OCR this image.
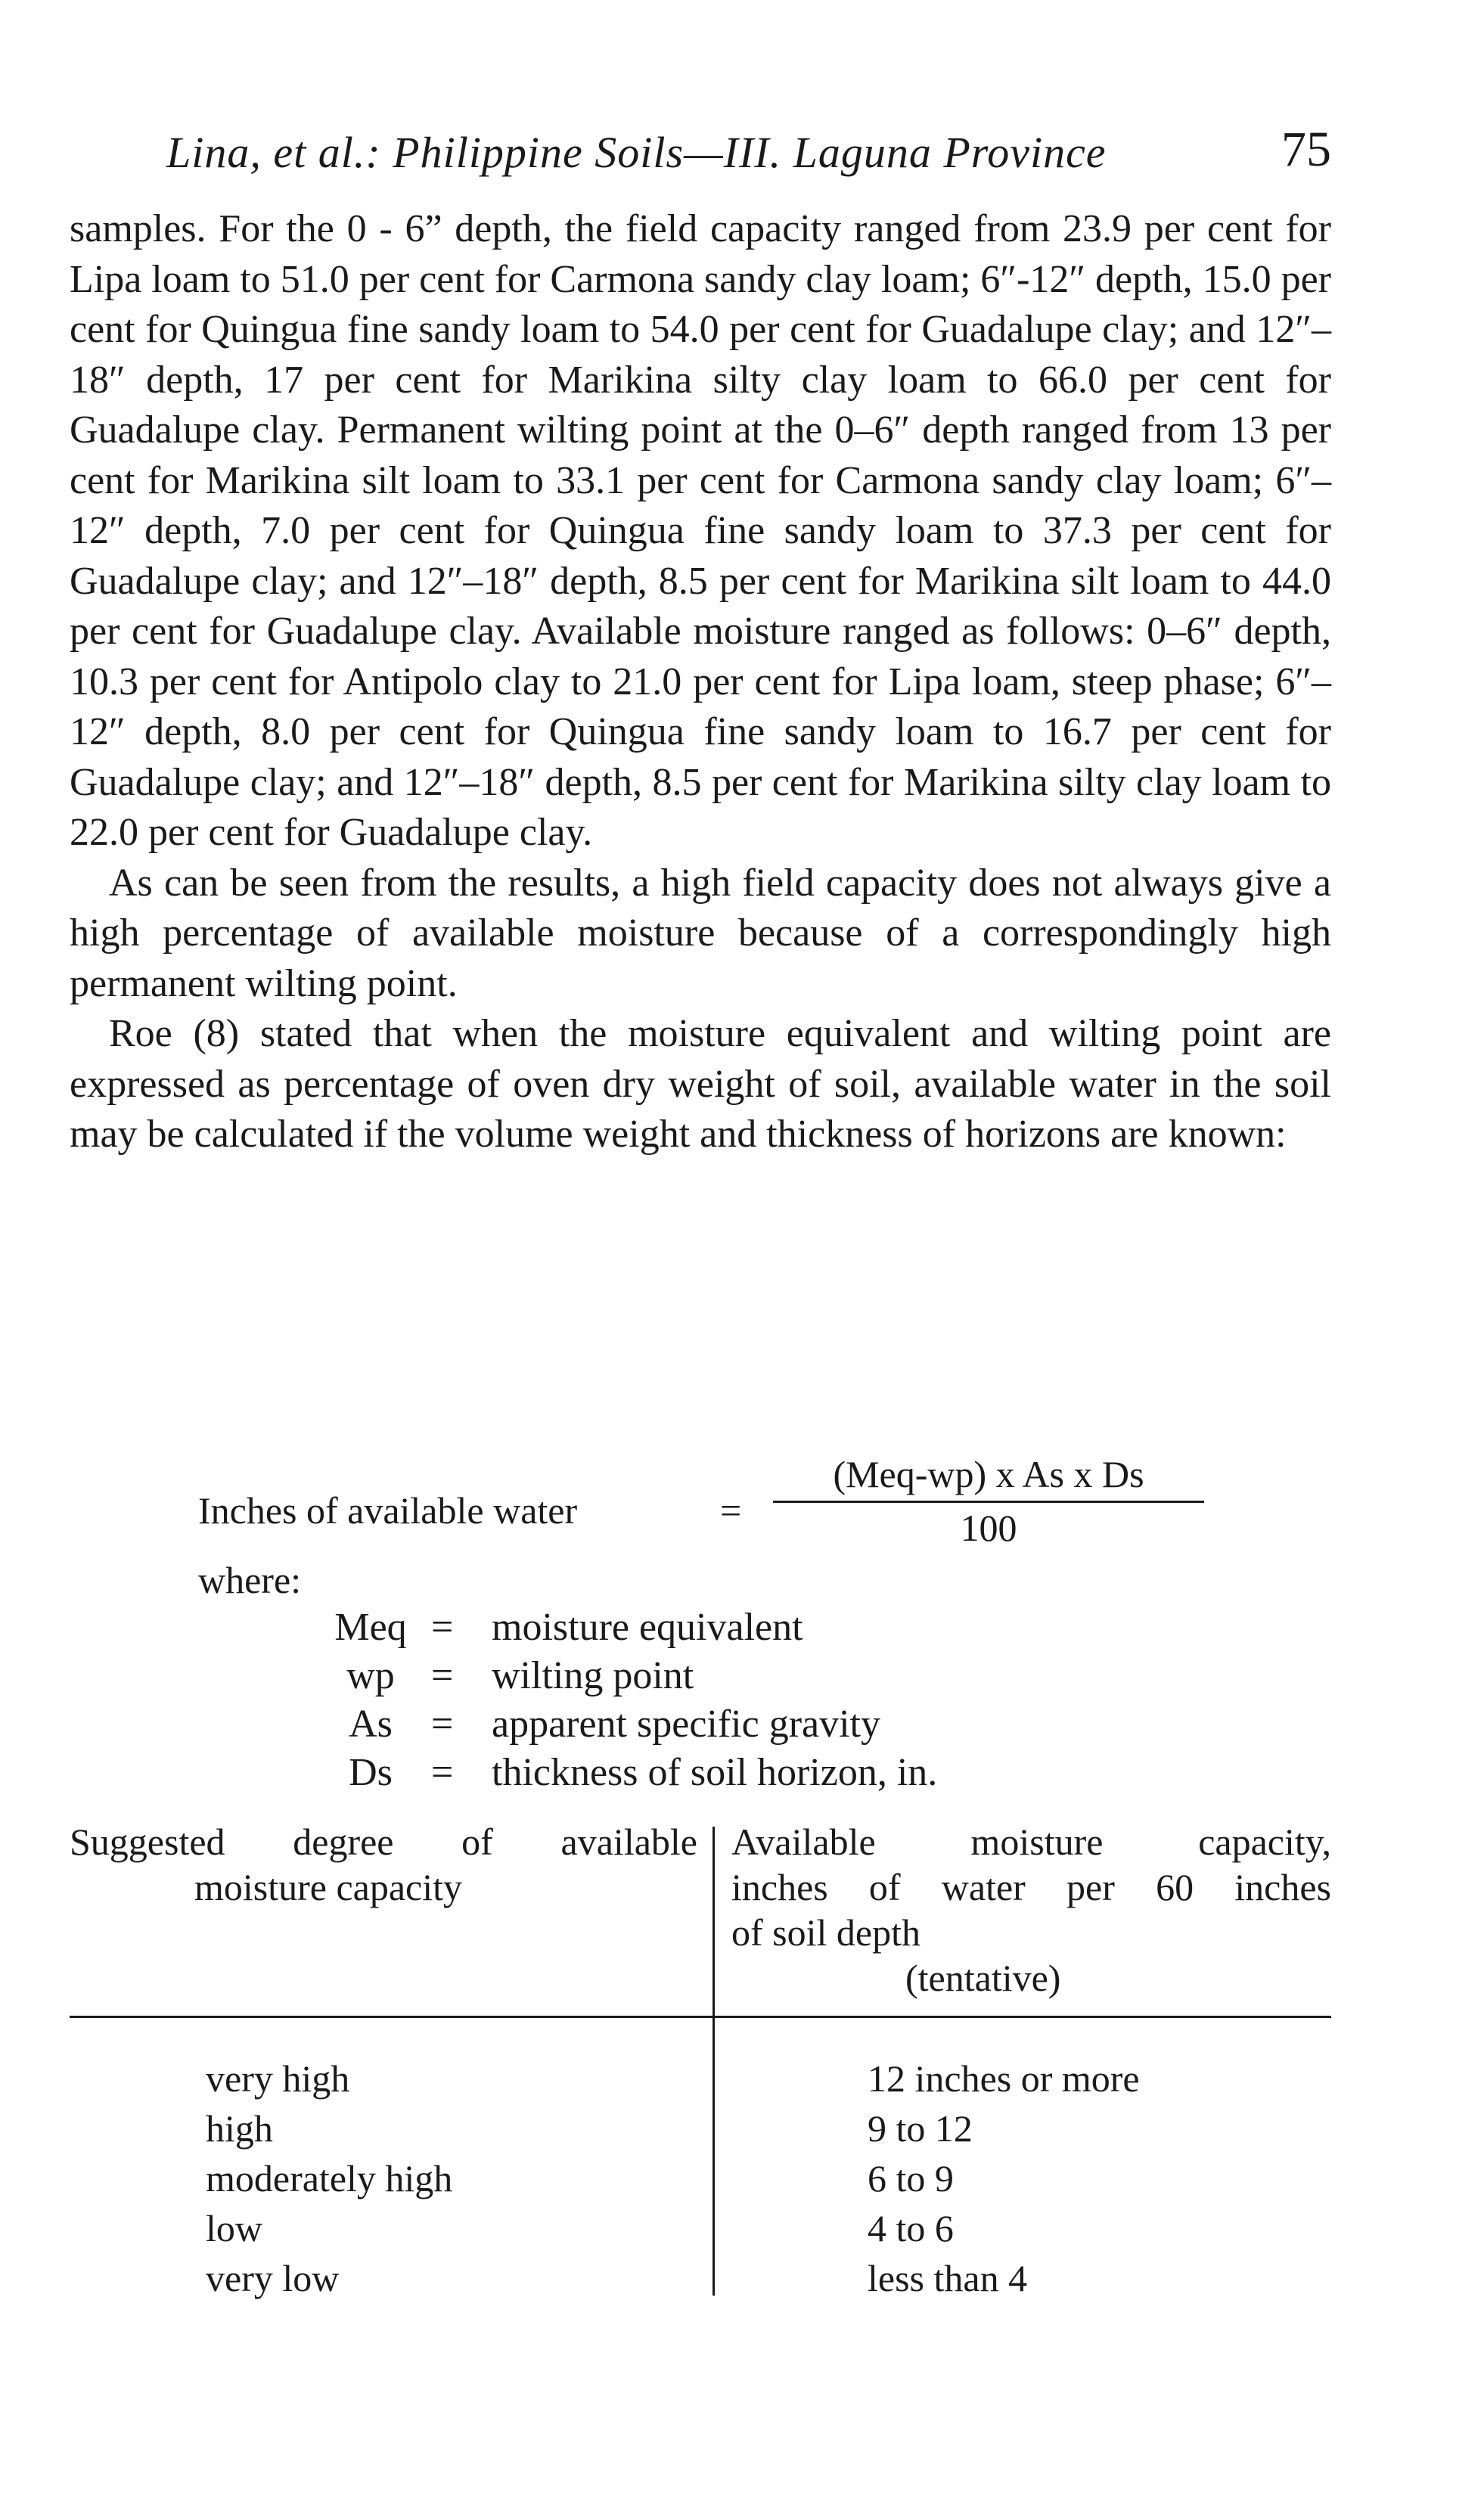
Lina, et al.: Philippine Soils—III. Laguna Province	75

samples. For the 0 - 6” depth, the field capacity ranged from 23.9 per cent for Lipa loam to 51.0 per cent for Carmona sandy clay loam; 6″-12″ depth, 15.0 per cent for Quingua fine sandy loam to 54.0 per cent for Guadalupe clay; and 12″–18″ depth, 17 per cent for Marikina silty clay loam to 66.0 per cent for Guadalupe clay. Permanent wilting point at the 0–6″ depth ranged from 13 per cent for Marikina silt loam to 33.1 per cent for Carmona sandy clay loam; 6″–12″ depth, 7.0 per cent for Quingua fine sandy loam to 37.3 per cent for Guadalupe clay; and 12″–18″ depth, 8.5 per cent for Marikina silt loam to 44.0 per cent for Guadalupe clay. Available moisture ranged as follows: 0–6″ depth, 10.3 per cent for Antipolo clay to 21.0 per cent for Lipa loam, steep phase; 6″–12″ depth, 8.0 per cent for Quingua fine sandy loam to 16.7 per cent for Guadalupe clay; and 12″–18″ depth, 8.5 per cent for Marikina silty clay loam to 22.0 per cent for Guadalupe clay.

As can be seen from the results, a high field capacity does not always give a high percentage of available moisture because of a correspondingly high permanent wilting point.

Roe (8) stated that when the moisture equivalent and wilting point are expressed as percentage of oven dry weight of soil, available water in the soil may be calculated if the volume weight and thickness of horizons are known:

Inches of available water	=
(Meq-wp) x As x Ds
100
where:
Meq = moisture equivalent
wp = wilting point
As = apparent specific gravity
Ds = thickness of soil horizon, in.
Suggested degree of available
moisture capacity
Available moisture capacity,
inches of water per 60 inches
of soil depth
(tentative)
very high
high
moderately high
low
very low
12 inches or more
9 to 12
6 to 9
4 to 6
less than 4
